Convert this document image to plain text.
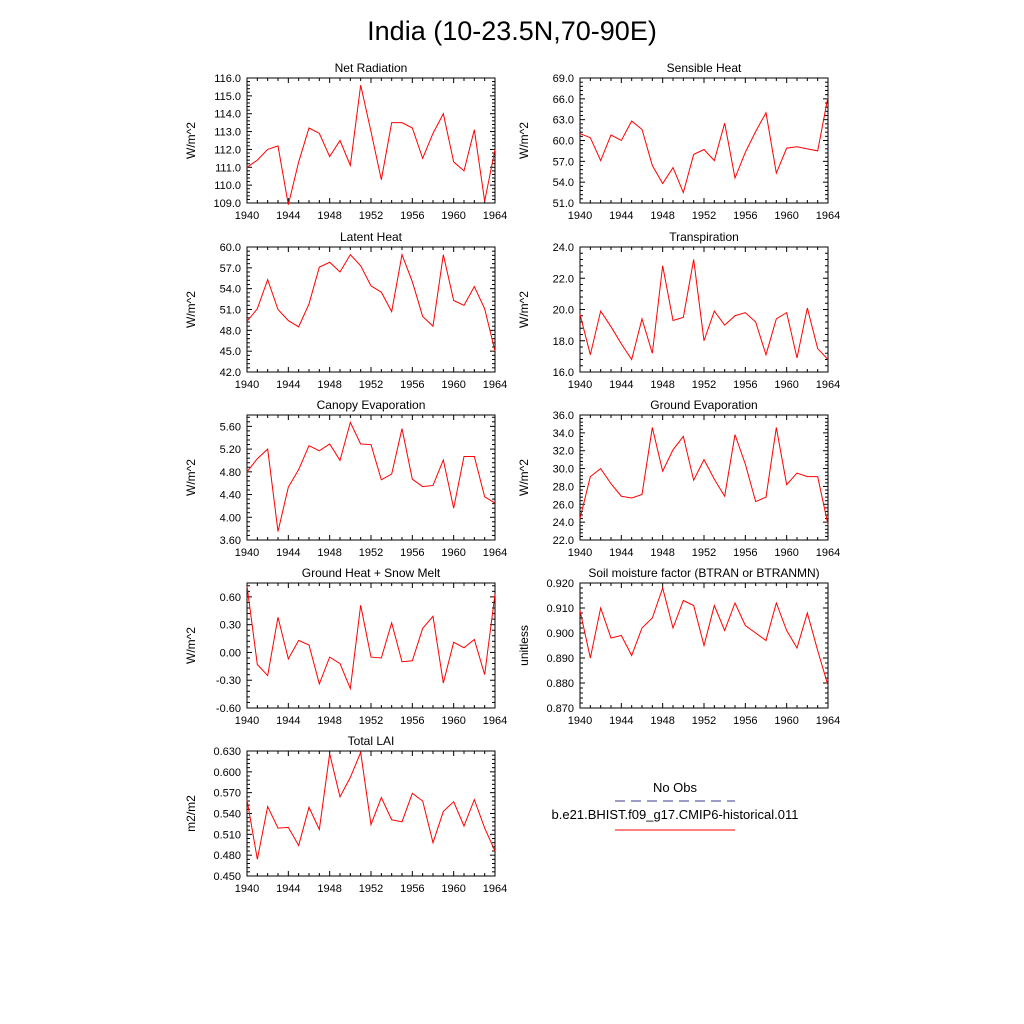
India (10-23.5N,70-90E)
Net Radiation
1940 1944 1948 1952 1956 1960 1964
109.0
110.0
111.0
112.0
113.0
114.0
115.0
116.0
W/m^2
Sensible Heat
1940 1944 1948 1952 1956 1960 1964
51.0
54.0
57.0
60.0
63.0
66.0
69.0
W/m^2
Latent Heat
1940 1944 1948 1952 1956 1960 1964
42.0
45.0
48.0
51.0
54.0
57.0
60.0
W/m^2
Transpiration
1940 1944 1948 1952 1956 1960 1964
16.0
18.0
20.0
22.0
24.0
W/m^2
Canopy Evaporation
1940 1944 1948 1952 1956 1960 1964
3.60
4.00
4.40
4.80
5.20
5.60
W/m^2
Ground Evaporation
1940 1944 1948 1952 1956 1960 1964
22.0
24.0
26.0
28.0
30.0
32.0
34.0
36.0
W/m^2
Ground Heat + Snow Melt
1940 1944 1948 1952 1956 1960 1964
-0.60
-0.30
0.00
0.30
0.60
W/m^2
Soil moisture factor (BTRAN or BTRANMN)
1940 1944 1948 1952 1956 1960 1964
0.870
0.880
0.890
0.900
0.910
0.920
unitless
Total LAI
1940 1944 1948 1952 1956 1960 1964
0.450
0.480
0.510
0.540
0.570
0.600
0.630
m2/m2
No Obs
b.e21.BHIST.f09_g17.CMIP6-historical.011
